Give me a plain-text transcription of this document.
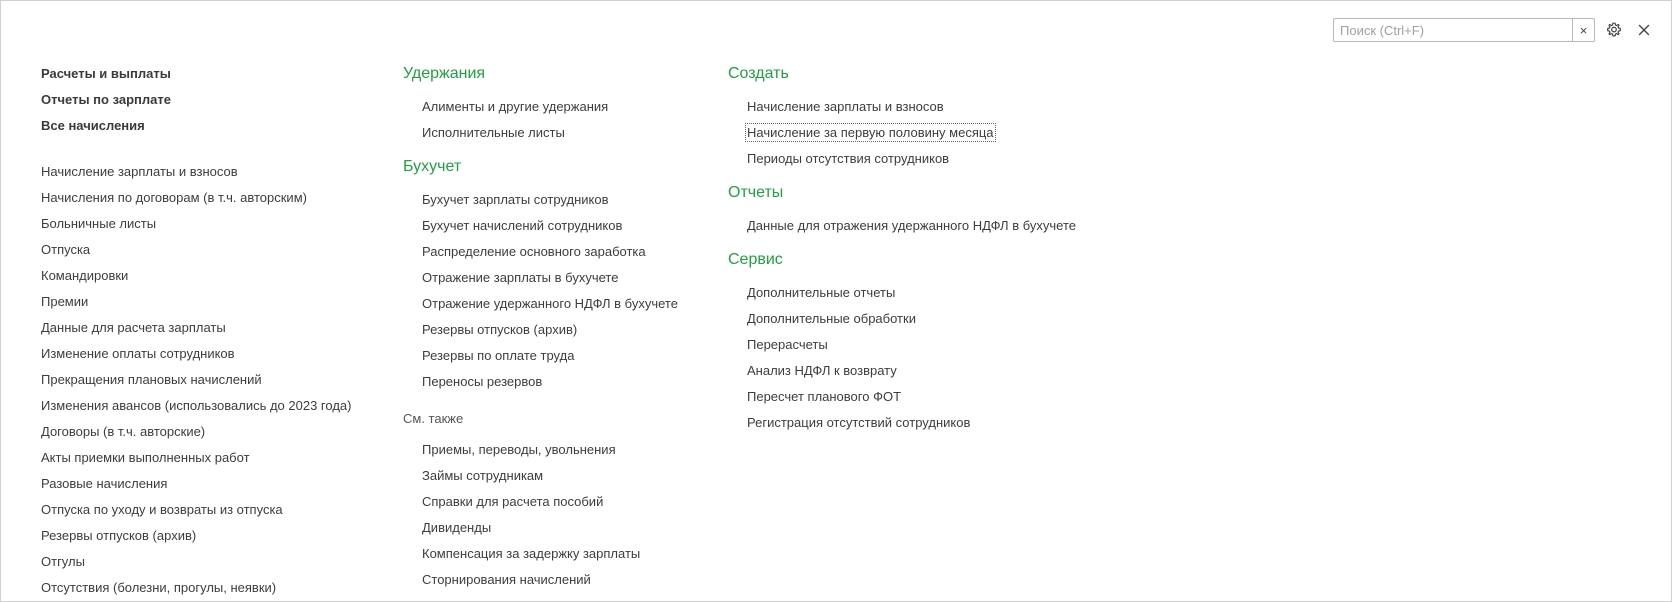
Поиск (Ctrl+F)
×
Расчеты и выплаты
Отчеты по зарплате
Все начисления
Начисление зарплаты и взносов
Начисления по договорам (в т.ч. авторским)
Больничные листы
Отпуска
Командировки
Премии
Данные для расчета зарплаты
Изменение оплаты сотрудников
Прекращения плановых начислений
Изменения авансов (использовались до 2023 года)
Договоры (в т.ч. авторские)
Акты приемки выполненных работ
Разовые начисления
Отпуска по уходу и возвраты из отпуска
Резервы отпусков (архив)
Отгулы
Отсутствия (болезни, прогулы, неявки)
Удержания
Алименты и другие удержания
Исполнительные листы
Бухучет
Бухучет зарплаты сотрудников
Бухучет начислений сотрудников
Распределение основного заработка
Отражение зарплаты в бухучете
Отражение удержанного НДФЛ в бухучете
Резервы отпусков (архив)
Резервы по оплате труда
Переносы резервов
См. также
Приемы, переводы, увольнения
Займы сотрудникам
Справки для расчета пособий
Дивиденды
Компенсация за задержку зарплаты
Сторнирования начислений
Создать
Начисление зарплаты и взносов
Начисление за первую половину месяца
Периоды отсутствия сотрудников
Отчеты
Данные для отражения удержанного НДФЛ в бухучете
Сервис
Дополнительные отчеты
Дополнительные обработки
Перерасчеты
Анализ НДФЛ к возврату
Пересчет планового ФОТ
Регистрация отсутствий сотрудников
